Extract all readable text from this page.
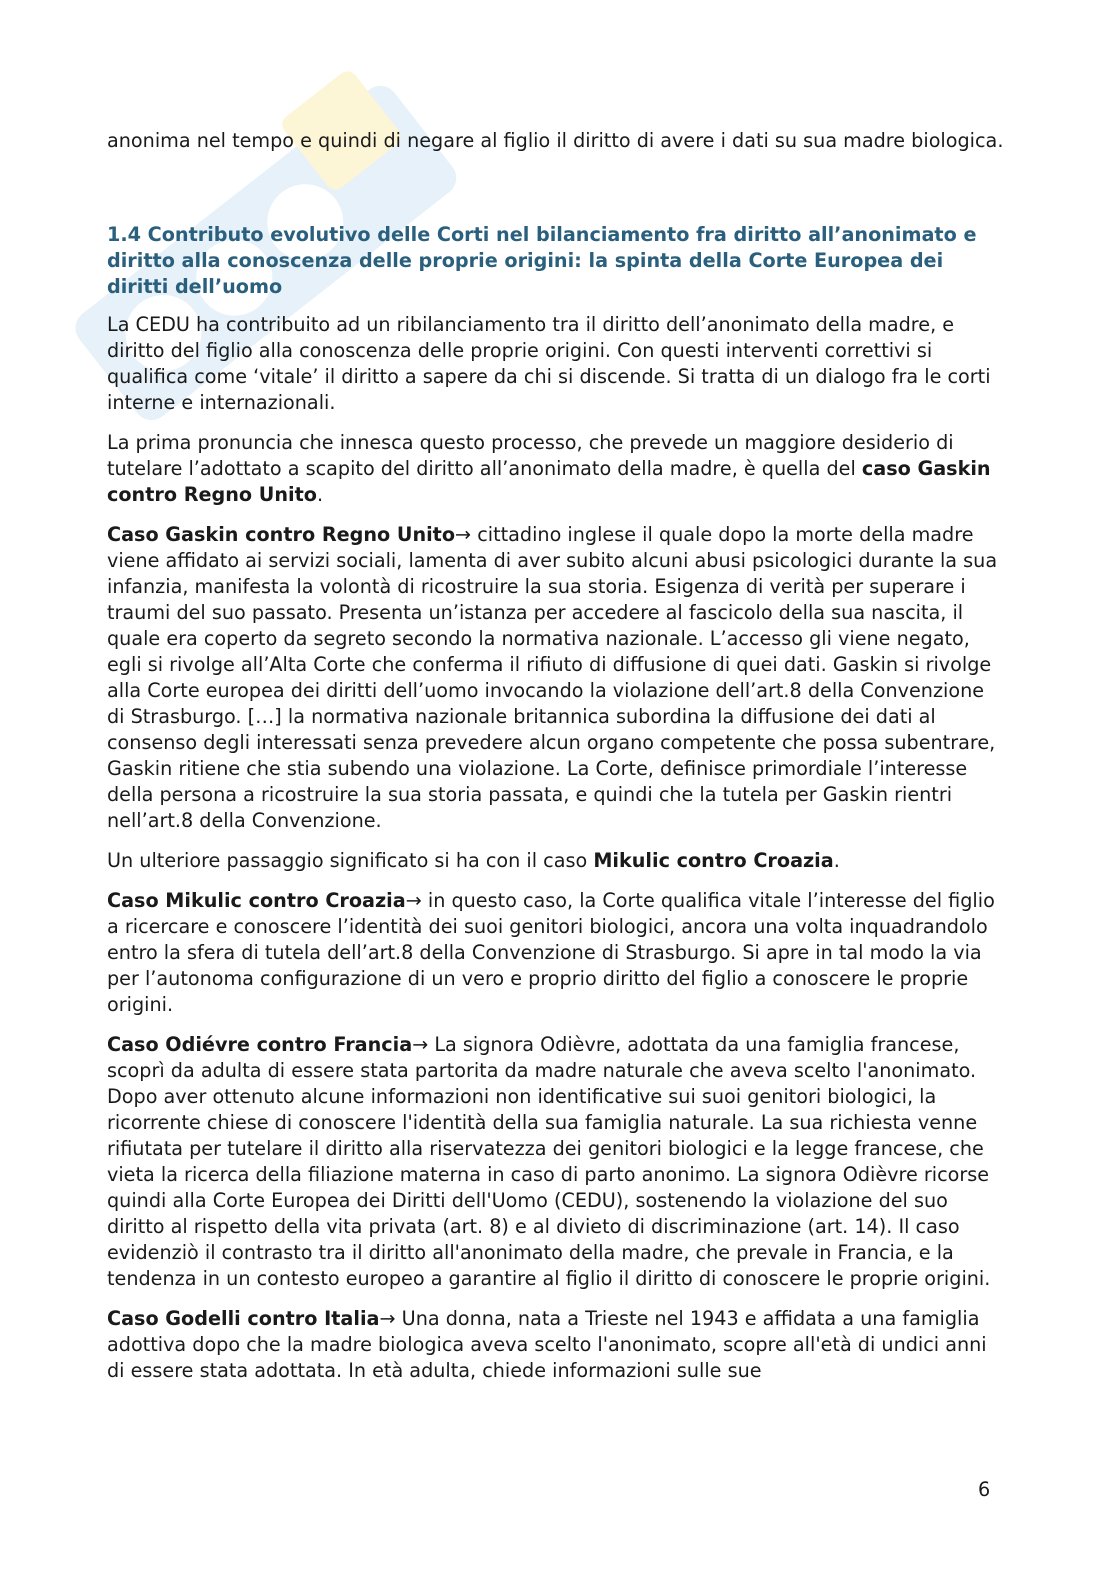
anonima nel tempo e quindi di negare al figlio il diritto di avere i dati su sua madre biologica.

1.4 Contributo evolutivo delle Corti nel bilanciamento fra diritto all’anonimato e diritto alla conoscenza delle proprie origini: la spinta della Corte Europea dei diritti dell’uomo

La CEDU ha contribuito ad un ribilanciamento tra il diritto dell’anonimato della madre, e diritto del figlio alla conoscenza delle proprie origini. Con questi interventi correttivi si qualifica come ‘vitale’ il diritto a sapere da chi si discende. Si tratta di un dialogo fra le corti interne e internazionali.

La prima pronuncia che innesca questo processo, che prevede un maggiore desiderio di tutelare l’adottato a scapito del diritto all’anonimato della madre, è quella del caso Gaskin contro Regno Unito.

Caso Gaskin contro Regno Unito→ cittadino inglese il quale dopo la morte della madre viene affidato ai servizi sociali, lamenta di aver subito alcuni abusi psicologici durante la sua infanzia, manifesta la volontà di ricostruire la sua storia. Esigenza di verità per superare i traumi del suo passato. Presenta un’istanza per accedere al fascicolo della sua nascita, il quale era coperto da segreto secondo la normativa nazionale. L’accesso gli viene negato, egli si rivolge all’Alta Corte che conferma il rifiuto di diffusione di quei dati. Gaskin si rivolge alla Corte europea dei diritti dell’uomo invocando la violazione dell’art.8 della Convenzione di Strasburgo. […] la normativa nazionale britannica subordina la diffusione dei dati al consenso degli interessati senza prevedere alcun organo competente che possa subentrare, Gaskin ritiene che stia subendo una violazione. La Corte, definisce primordiale l’interesse della persona a ricostruire la sua storia passata, e quindi che la tutela per Gaskin rientri nell’art.8 della Convenzione.

Un ulteriore passaggio significato si ha con il caso Mikulic contro Croazia.

Caso Mikulic contro Croazia→ in questo caso, la Corte qualifica vitale l’interesse del figlio a ricercare e conoscere l’identità dei suoi genitori biologici, ancora una volta inquadrandolo entro la sfera di tutela dell’art.8 della Convenzione di Strasburgo. Si apre in tal modo la via per l’autonoma configurazione di un vero e proprio diritto del figlio a conoscere le proprie origini.

Caso Odiévre contro Francia→ La signora Odièvre, adottata da una famiglia francese, scoprì da adulta di essere stata partorita da madre naturale che aveva scelto l'anonimato. Dopo aver ottenuto alcune informazioni non identificative sui suoi genitori biologici, la ricorrente chiese di conoscere l'identità della sua famiglia naturale. La sua richiesta venne rifiutata per tutelare il diritto alla riservatezza dei genitori biologici e la legge francese, che vieta la ricerca della filiazione materna in caso di parto anonimo. La signora Odièvre ricorse quindi alla Corte Europea dei Diritti dell'Uomo (CEDU), sostenendo la violazione del suo diritto al rispetto della vita privata (art. 8) e al divieto di discriminazione (art. 14). Il caso evidenziò il contrasto tra il diritto all'anonimato della madre, che prevale in Francia, e la tendenza in un contesto europeo a garantire al figlio il diritto di conoscere le proprie origini.

Caso Godelli contro Italia→ Una donna, nata a Trieste nel 1943 e affidata a una famiglia adottiva dopo che la madre biologica aveva scelto l'anonimato, scopre all'età di undici anni di essere stata adottata. In età adulta, chiede informazioni sulle sue

6
